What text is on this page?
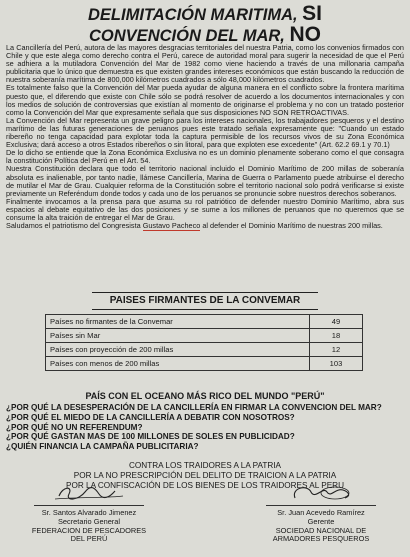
DELIMITACIÓN MARITIMA, SI

CONVENCIÓN DEL MAR, NO

La Cancillería del Perú, autora de las mayores desgracias territoriales del nuestra Patria, como los convenios firmados con Chile y que este alega como derecho contra el Perú, carece de autoridad moral para sugerir la necesidad de que el Perú se adhiera a la mutiladora Convención del Mar de 1982 como viene haciendo a través de una millonaria campaña publicitaria que lo único que demuestra es que existen grandes intereses económicos que están buscando la reducción de nuestra soberanía marítima de 800,000 kilómetros cuadrados a sólo 48,000 kilómetros cuadrados.

Es totalmente falso que la Convención del Mar pueda ayudar de alguna manera en el conflicto sobre la frontera marítima puesto que, el diferendo que existe con Chile sólo se podrá resolver de acuerdo a los documentos internacionales y con los medios de solución de controversias que existían al momento de originarse el problema y no con un tratado posterior como la Convención del Mar que expresamente señala que sus disposiciones NO SON RETROACTIVAS.

La Convención del Mar representa un grave peligro para los intereses nacionales, los trabajadores pesqueros y el destino marítimo de las futuras generaciones de peruanos pues este tratado señala expresamente que: "Cuando un estado ribereño no tenga capacidad para explotar toda la captura permisible de los recursos vivos de su Zona Económica Exclusiva; dará acceso a otros Estados ribereños o sin litoral, para que exploten ese excedente" (Art. 62.2 69.1 y 70.1)

De lo dicho se entiende que la Zona Económica Exclusiva no es un dominio plenamente soberano como el que consagra la constitución Política del Perú en el Art. 54.

Nuestra Constitución declara que todo el territorio nacional incluido el Dominio Marítimo de 200 millas de soberanía absoluta es inalienable, por tanto nadie, llámese Cancillería, Marina de Guerra o Parlamento puede atribuirse el derecho de mutilar el Mar de Grau. Cualquier reforma de la Constitución sobre el territorio nacional solo podrá verificarse si existe previamente un Referéndum donde todos y cada uno de los peruanos se pronuncie sobre nuestros derechos soberanos.

Finalmente invocamos a la prensa para que asuma su rol patriótico de defender nuestro Dominio Marítimo, abra sus espacios al debate equitativo de las dos posiciones y se sume a los millones de peruanos que no queremos que se consume la alta traición de entregar el Mar de Grau.

Saludamos el patriotismo del Congresista Gustavo Pacheco al defender el Dominio Marítimo de nuestras 200 millas.

PAISES FIRMANTES DE LA CONVEMAR
Países no firmantes de la Convemar	49
Países sin Mar	18
Países con proyección de 200 millas	12
Países con menos de 200 millas	103
PAÍS CON EL OCEANO MÁS RICO DEL MUNDO "PERÚ"
¿POR QUÉ LA DESESPERACIÓN DE LA CANCILLERÍA EN FIRMAR LA CONVENCION DEL MAR?
¿POR QUÉ EL MIEDO DE LA CANCILLERÍA A DEBATIR CON NOSOTROS?
¿POR QUÉ NO UN REFERENDUM?
¿POR QUÉ GASTAN MAS DE 100 MILLONES DE SOLES EN PUBLICIDAD?
¿QUIÉN FINANCIA LA CAMPAÑA PUBLICITARIA?
CONTRA LOS TRAIDORES A LA PATRIA
POR LA NO PRESCRIPCIÓN DEL DELITO DE TRAICION A LA PATRIA
POR LA CONFISCACIÓN DE LOS BIENES DE LOS TRAIDORES AL PERU
Sr. Santos Alvarado Jimenez
Secretario General
FEDERACION DE PESCADORES
DEL PERÚ
Sr. Juan Acevedo Ramírez
Gerente
SOCIEDAD NACIONAL DE
ARMADORES PESQUEROS
